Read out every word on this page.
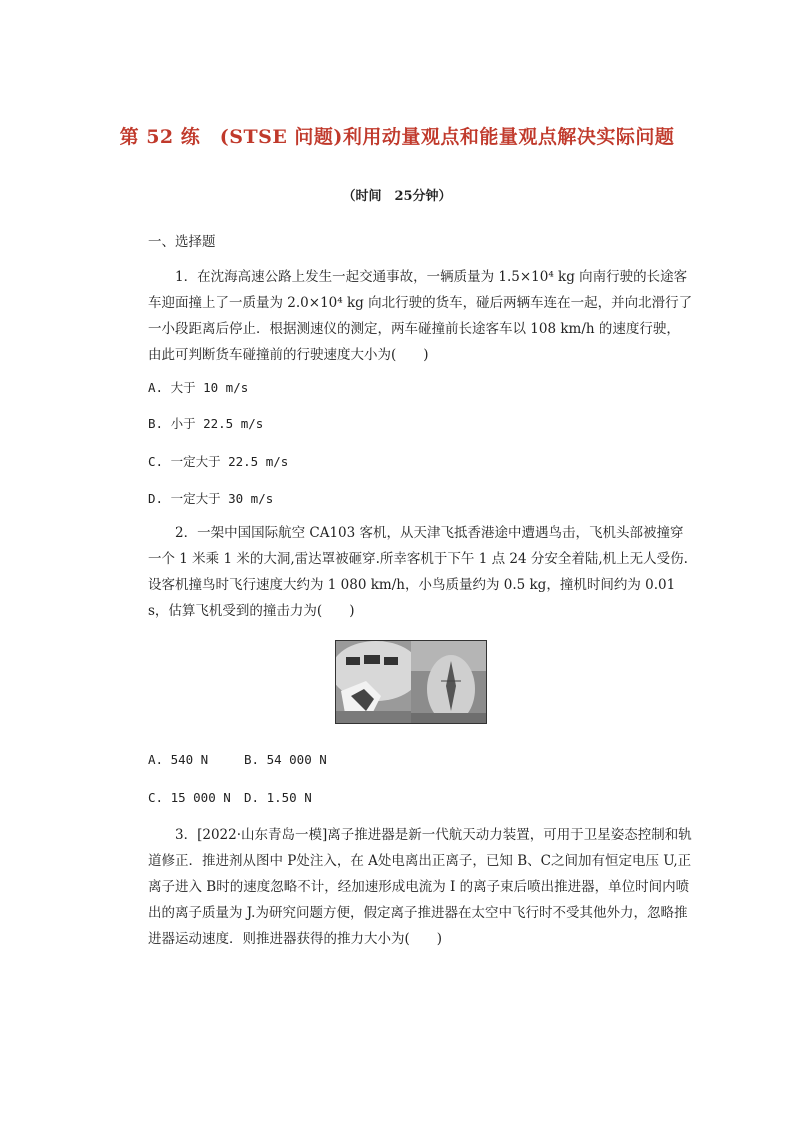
第 52 练　(STSE 问题)利用动量观点和能量观点解决实际问题
（时间　25分钟）
一、选择题
1．在沈海高速公路上发生一起交通事故，一辆质量为 1.5×10⁴ kg 向南行驶的长途客车迎面撞上了一质量为 2.0×10⁴ kg 向北行驶的货车，碰后两辆车连在一起，并向北滑行了一小段距离后停止．根据测速仪的测定，两车碰撞前长途客车以 108 km/h 的速度行驶，由此可判断货车碰撞前的行驶速度大小为(　　)
A. 大于 10 m/s
B. 小于 22.5 m/s
C. 一定大于 22.5 m/s
D. 一定大于 30 m/s
2．一架中国国际航空 CA103 客机，从天津飞抵香港途中遭遇鸟击，飞机头部被撞穿一个 1 米乘 1 米的大洞,雷达罩被砸穿.所幸客机于下午 1 点 24 分安全着陆,机上无人受伤.设客机撞鸟时飞行速度大约为 1 080 km/h，小鸟质量约为 0.5 kg，撞机时间约为 0.01 s，估算飞机受到的撞击力为(　　)
A. 540 N	B. 54 000 N
C. 15 000 N D. 1.50 N
3．[2022·山东青岛一模]离子推进器是新一代航天动力装置，可用于卫星姿态控制和轨道修正．推进剂从图中 P处注入，在 A处电离出正离子，已知 B、C之间加有恒定电压 U,正离子进入 B时的速度忽略不计，经加速形成电流为 I 的离子束后喷出推进器，单位时间内喷出的离子质量为 J.为研究问题方便，假定离子推进器在太空中飞行时不受其他外力，忽略推进器运动速度．则推进器获得的推力大小为(　　)
